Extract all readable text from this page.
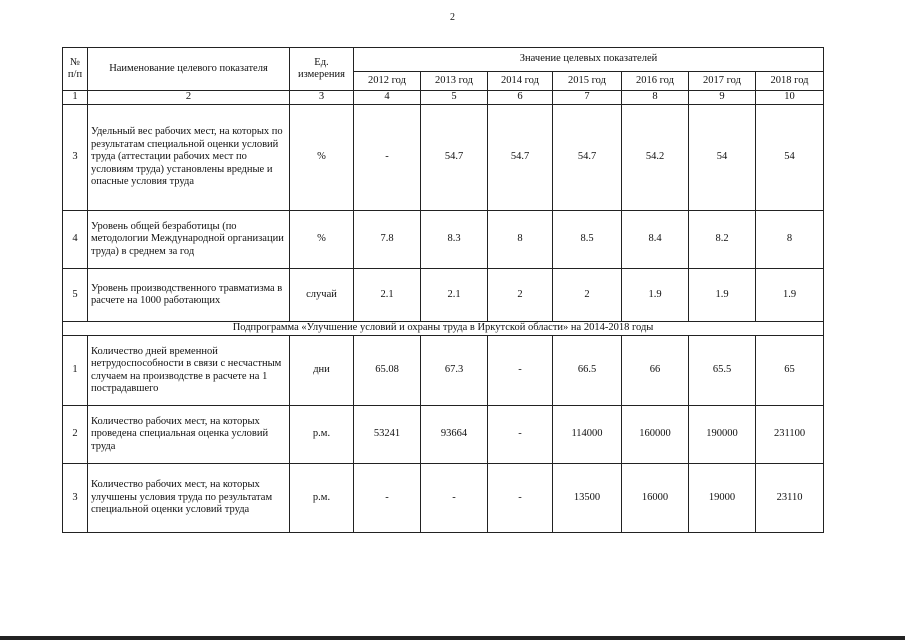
2
№ п/п	Наименование целевого показателя	Ед. измерения	Значение целевых показателей						
			2012 год	2013 год	2014 год	2015 год	2016 год	2017 год	2018 год
1	2	3	4	5	6	7	8	9	10
3	Удельный вес рабочих мест, на которых по результатам специальной оценки условий труда (аттестации рабочих мест по условиям труда) установлены вредные и опасные условия труда	%	-	54.7	54.7	54.7	54.2	54	54
4	Уровень общей безработицы (по методологии Международной организации труда) в среднем за год	%	7.8	8.3	8	8.5	8.4	8.2	8
5	Уровень производственного травматизма в расчете на 1000 работающих	случай	2.1	2.1	2	2	1.9	1.9	1.9
Подпрограмма «Улучшение условий и охраны труда в Иркутской области» на 2014-2018 годы									
1	Количество дней временной нетрудоспособности в связи с несчастным случаем на производстве в расчете на 1 пострадавшего	дни	65.08	67.3	-	66.5	66	65.5	65
2	Количество рабочих мест, на которых проведена специальная оценка условий труда	р.м.	53241	93664	-	114000	160000	190000	231100
3	Количество рабочих мест, на которых улучшены условия труда по результатам специальной оценки условий труда	р.м.	-	-	-	13500	16000	19000	23110
